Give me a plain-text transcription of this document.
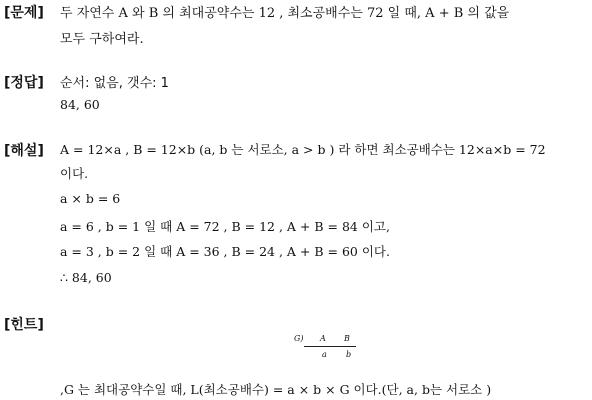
[문제] 두 자연수 A 와 B 의 최대공약수는 12 , 최소공배수는 72 일 때, A + B 의 값을
모두 구하여라.
[정답] 순서: 없음, 갯수: 1
84, 60
[해설] A = 12×a , B = 12×b (a, b 는 서로소, a > b ) 라 하면 최소공배수는 12×a×b = 72
이다.
a × b = 6
a = 6 , b = 1 일 때 A = 72 , B = 12 , A + B = 84 이고,
a = 3 , b = 2 일 때 A = 36 , B = 24 , A + B = 60 이다.
∴ 84, 60
[힌트]
G) A B
a b
,G 는 최대공약수일 때, L(최소공배수) = a × b × G 이다.(단, a, b는 서로소 )
